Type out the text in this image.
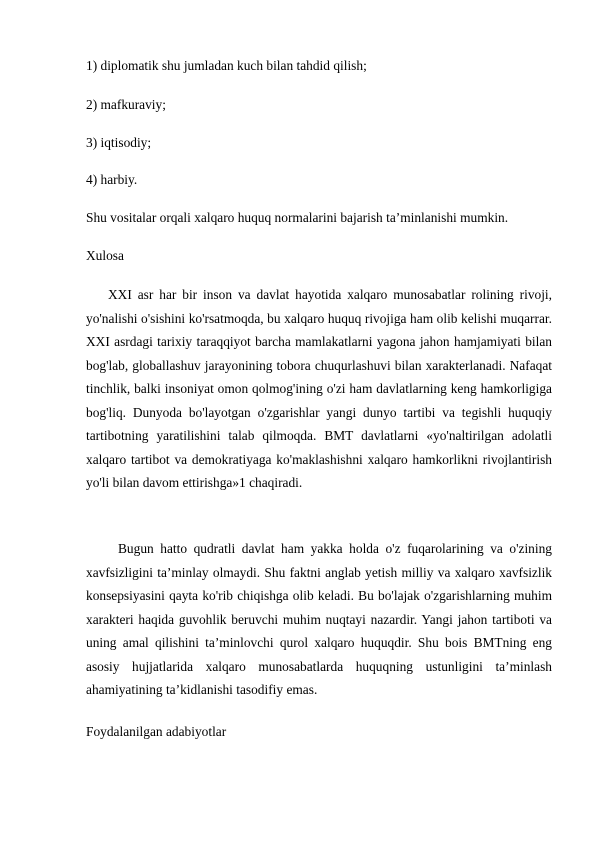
1) diplomatik shu jumladan kuch bilan tahdid qilish;
2) mafkuraviy;
3) iqtisodiy;
4) harbiy.
Shu vositalar orqali xalqaro huquq normalarini bajarish ta’minlanishi mumkin.
Xulosa

XXI asr har bir inson va davlat hayotida xalqaro munosabatlar rolining rivoji, yo'nalishi o'sishini ko'rsatmoqda, bu xalqaro huquq rivojiga ham olib kelishi muqarrar. XXI asrdagi tarixiy taraqqiyot barcha mamlakatlarni yagona jahon hamjamiyati bilan bog'lab, globallashuv jarayonining tobora chuqurlashuvi bilan xarakterlanadi. Nafaqat tinchlik, balki insoniyat omon qolmog'ining o'zi ham davlatlarning keng hamkorligiga bog'liq. Dunyoda bo'layotgan o'zgarishlar yangi dunyo tartibi va tegishli huquqiy tartibotning yaratilishini talab qilmoqda. BMT davlatlarni «yo'naltirilgan adolatli xalqaro tartibot va demokratiyaga ko'maklashishni xalqaro hamkorlikni rivojlantirish yo'li bilan davom ettirishga»1 chaqiradi.

Bugun hatto qudratli davlat ham yakka holda o'z fuqarolarining va o'zining xavfsizligini ta’minlay olmaydi. Shu faktni anglab yetish milliy va xalqaro xavfsizlik konsepsiyasini qayta ko'rib chiqishga olib keladi. Bu bo'lajak o'zgarishlarning muhim xarakteri haqida guvohlik beruvchi muhim nuqtayi nazardir. Yangi jahon tartiboti va uning amal qilishini ta’minlovchi qurol xalqaro huquqdir. Shu bois BMTning eng asosiy hujjatlarida xalqaro munosabatlarda huquqning ustunligini ta’minlash ahamiyatining ta’kidlanishi tasodifiy emas.

Foydalanilgan adabiyotlar
